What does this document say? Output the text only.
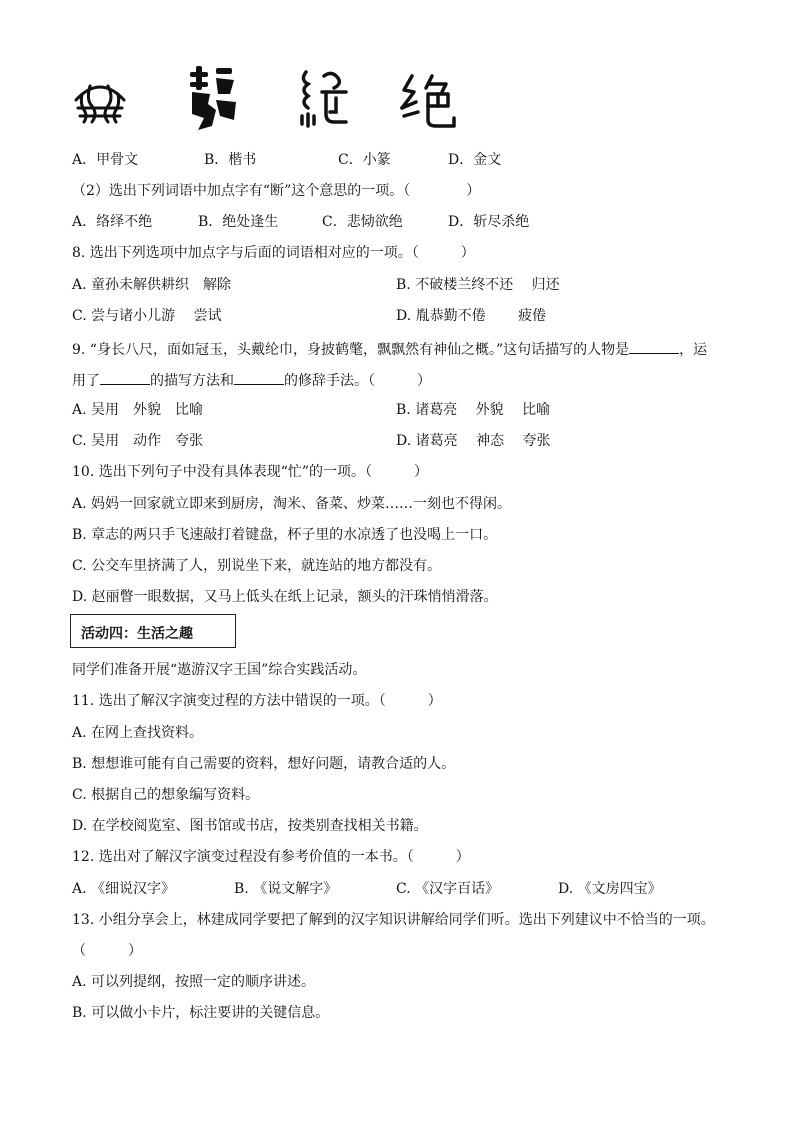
A．甲骨文	B．楷书	C．小篆	D．金文
（2）选出下列词语中加点字有“断”这个意思的一项。（　　　　）
A．络绎不绝	B．绝处逢生	C．悲恸欲绝	D．斩尽杀绝
8. 选出下列选项中加点字与后面的词语相对应的一项。（　　　）
A. 童孙未解供耕织　解除	B. 不破楼兰终不还　 归还
C. 尝与诸小儿游　 尝试	D. 胤恭勤不倦　　 疲倦
9. “身长八尺，面如冠玉，头戴纶巾，身披鹤氅，飘飘然有神仙之概。”这句话描写的人物是	，运
用了	的描写方法和	的修辞手法。（　　　）
A. 吴用　外貌　比喻	B. 诸葛亮　 外貌　 比喻
C. 吴用　动作　夸张	D. 诸葛亮　 神态　 夸张
10. 选出下列句子中没有具体表现“忙”的一项。（　　　）
A. 妈妈一回家就立即来到厨房，淘米、备菜、炒菜……一刻也不得闲。
B. 章志的两只手飞速敲打着键盘，杯子里的水凉透了也没喝上一口。
C. 公交车里挤满了人，别说坐下来，就连站的地方都没有。
D. 赵丽瞥一眼数据，又马上低头在纸上记录，额头的汗珠悄悄滑落。
活动四：生活之趣
同学们准备开展“遨游汉字王国”综合实践活动。
11. 选出了解汉字演变过程的方法中错误的一项。（　　　）
A. 在网上查找资料。
B. 想想谁可能有自己需要的资料，想好问题，请教合适的人。
C. 根据自己的想象编写资料。
D. 在学校阅览室、图书馆或书店，按类别查找相关书籍。
12. 选出对了解汉字演变过程没有参考价值的一本书。（　　　）
A. 《细说汉字》	B. 《说文解字》	C. 《汉字百话》	D. 《文房四宝》
13. 小组分享会上，林建成同学要把了解到的汉字知识讲解给同学们听。选出下列建议中不恰当的一项。
（　　　）
A. 可以列提纲，按照一定的顺序讲述。
B. 可以做小卡片，标注要讲的关键信息。
